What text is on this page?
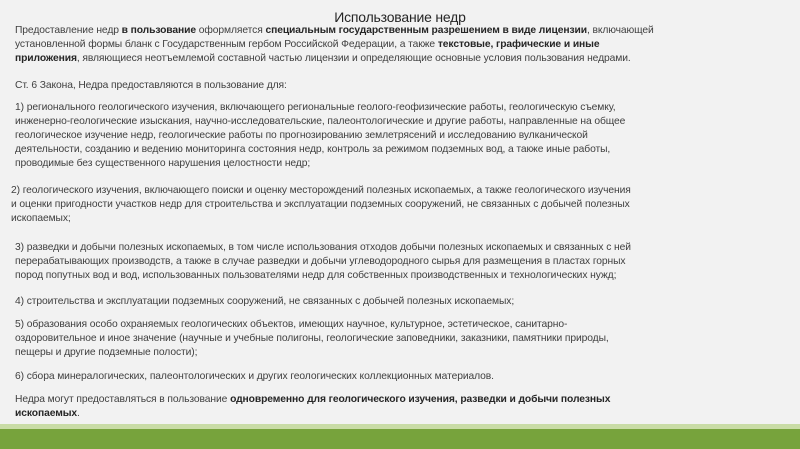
Использование недр
Предоставление недр в пользование оформляется специальным государственным разрешением в виде лицензии, включающей
установленной формы бланк с Государственным гербом Российской Федерации, а также текстовые, графические и иные
приложения, являющиеся неотъемлемой составной частью лицензии и определяющие основные условия пользования недрами.
Ст. 6 Закона, Недра предоставляются в пользование для:
1) регионального геологического изучения, включающего региональные геолого-геофизические работы, геологическую съемку,
инженерно-геологические изыскания, научно-исследовательские, палеонтологические и другие работы, направленные на общее
геологическое изучение недр, геологические работы по прогнозированию землетрясений и исследованию вулканической
деятельности, созданию и ведению мониторинга состояния недр, контроль за режимом подземных вод, а также иные работы,
проводимые без существенного нарушения целостности недр;
2) геологического изучения, включающего поиски и оценку месторождений полезных ископаемых, а также геологического изучения
и оценки пригодности участков недр для строительства и эксплуатации подземных сооружений, не связанных с добычей полезных
ископаемых;
3) разведки и добычи полезных ископаемых, в том числе использования отходов добычи полезных ископаемых и связанных с ней
перерабатывающих производств, а также в случае разведки и добычи углеводородного сырья для размещения в пластах горных
пород попутных вод и вод, использованных пользователями недр для собственных производственных и технологических нужд;
4) строительства и эксплуатации подземных сооружений, не связанных с добычей полезных ископаемых;
5) образования особо охраняемых геологических объектов, имеющих научное, культурное, эстетическое, санитарно-
оздоровительное и иное значение (научные и учебные полигоны, геологические заповедники, заказники, памятники природы,
пещеры и другие подземные полости);
6) сбора минералогических, палеонтологических и других геологических коллекционных материалов.
Недра могут предоставляться в пользование одновременно для геологического изучения, разведки и добычи полезных
ископаемых.
